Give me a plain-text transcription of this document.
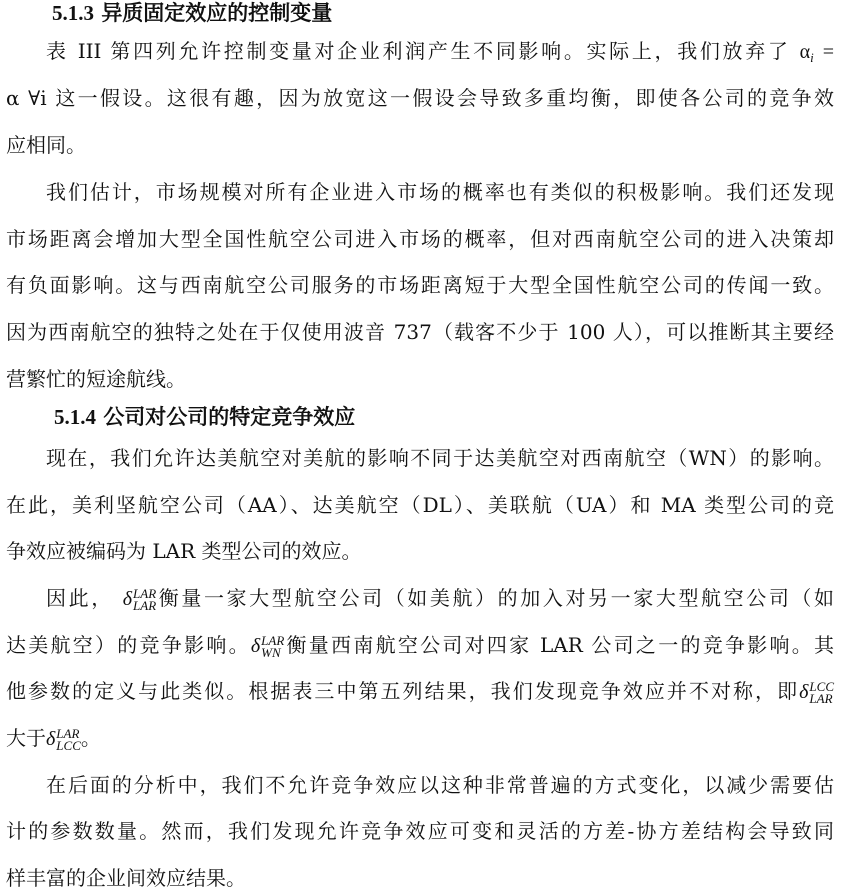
5.1.3 异质固定效应的控制变量
表 III 第四列允许控制变量对企业利润产生不同影响。实际上，我们放弃了 $\alpha_i$ =
α ∀i 这一假设。这很有趣，因为放宽这一假设会导致多重均衡，即使各公司的竞争效
应相同。
我们估计，市场规模对所有企业进入市场的概率也有类似的积极影响。我们还发现
市场距离会增加大型全国性航空公司进入市场的概率，但对西南航空公司的进入决策却
有负面影响。这与西南航空公司服务的市场距离短于大型全国性航空公司的传闻一致。
因为西南航空的独特之处在于仅使用波音 737（载客不少于 100 人），可以推断其主要经
营繁忙的短途航线。
5.1.4 公司对公司的特定竞争效应
现在，我们允许达美航空对美航的影响不同于达美航空对西南航空（WN）的影响。
在此，美利坚航空公司（AA）、达美航空（DL）、美联航（UA）和 MA 类型公司的竞
争效应被编码为 LAR 类型公司的效应。
因此， δ LAR
LAR 衡量一家大型航空公司（如美航）的加入对另一家大型航空公司（如
达美航空）的竞争影响。δ LAR
WN 衡量西南航空公司对四家 LAR 公司之一的竞争影响。其
他参数的定义与此类似。根据表三中第五列结果，我们发现竞争效应并不对称，即δ LCC
LAR
大于δ LAR
LCC 。
在后面的分析中，我们不允许竞争效应以这种非常普遍的方式变化，以减少需要估
计的参数数量。然而，我们发现允许竞争效应可变和灵活的方差-协方差结构会导致同
样丰富的企业间效应结果。
